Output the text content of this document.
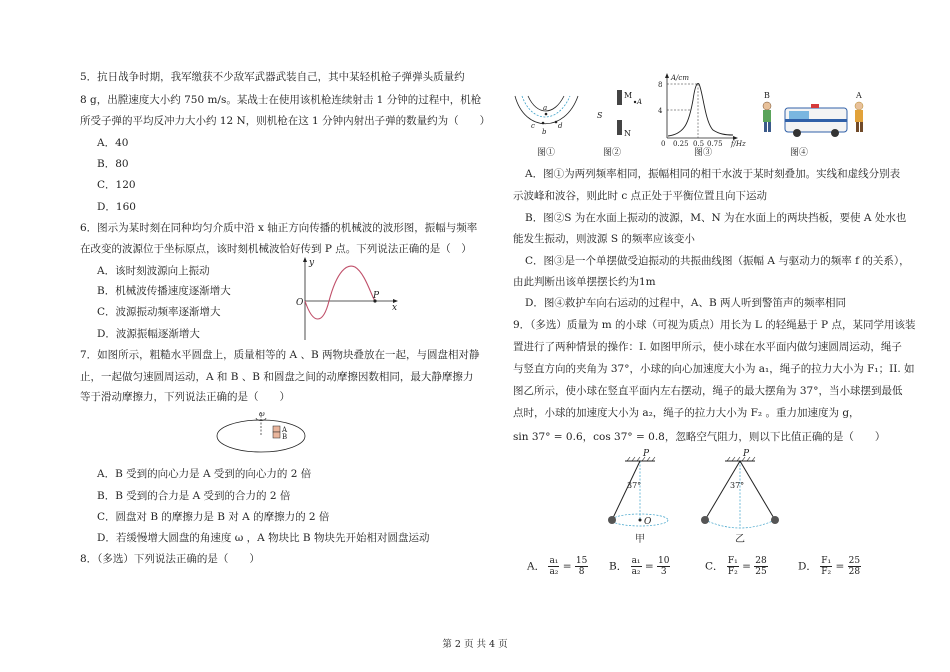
5．抗日战争时期，我军缴获不少敌军武器武装自己，其中某轻机枪子弹弹头质量约
8 g，出膛速度大小约 750 m/s。某战士在使用该机枪连续射击 1 分钟的过程中，机枪
所受子弹的平均反冲力大小约 12 N，则机枪在这 1 分钟内射出子弹的数量约为（　　）
A．40
B．80
C．120
D．160
6．图示为某时刻在同种均匀介质中沿 x 轴正方向传播的机械波的波形图，振幅与频率
在改变的波源位于坐标原点，该时刻机械波恰好传到 P 点。下列说法正确的是（　）
A．该时刻波源向上振动
B．机械波传播速度逐渐增大
C．波源振动频率逐渐增大
D．波源振幅逐渐增大
y
x
O
P
7．如图所示，粗糙水平圆盘上，质量相等的 A 、B 两物块叠放在一起，与圆盘相对静
止，一起做匀速圆周运动，A 和 B 、B 和圆盘之间的动摩擦因数相同，最大静摩擦力
等于滑动摩擦力，下列说法正确的是（　　）
ω
A
B
A．B 受到的向心力是 A 受到的向心力的 2 倍
B．B 受到的合力是 A 受到的合力的 2 倍
C．圆盘对 B 的摩擦力是 B 对 A 的摩擦力的 2 倍
D．若缓慢增大圆盘的角速度 ω ，A 物块比 B 物块先开始相对圆盘运动
8．（多选）下列说法正确的是（　　）
a
b
c	d
图①
S
M
N
A
图②
A/cm
8
4
0 0.25 0.5 0.75 f/Hz
图③
B	A
图④
A．图①为两列频率相同，振幅相同的相干水波于某时刻叠加。实线和虚线分别表
示波峰和波谷，则此时 c 点正处于平衡位置且向下运动
B．图②S 为在水面上振动的波源，M、N 为在水面上的两块挡板，要使 A 处水也
能发生振动，则波源 S 的频率应该变小
C．图③是一个单摆做受迫振动的共振曲线图（振幅 A 与驱动力的频率 f 的关系），
由此判断出该单摆摆长约为1m
D．图④救护车向右运动的过程中，A、B 两人听到警笛声的频率相同
9．（多选）质量为 m 的小球（可视为质点）用长为 L 的轻绳悬于 P 点，某同学用该装
置进行了两种情景的操作：I. 如图甲所示，使小球在水平面内做匀速圆周运动，绳子
与竖直方向的夹角为 37°，小球的向心加速度大小为 a₁，绳子的拉力大小为 F₁；II. 如
图乙所示，使小球在竖直平面内左右摆动，绳子的最大摆角为 37°，当小球摆到最低
点时，小球的加速度大小为 a₂，绳子的拉力大小为 F₂ 。重力加速度为 g，
sin 37° = 0.6，cos 37° = 0.8，忽略空气阻力，则以下比值正确的是（　　）
P
37°
O
甲
P
37°
乙
A． $\frac{\text{a₁}}{\text{a₂}} = \frac{15}{8}$ B． $\frac{\text{a₁}}{\text{a₂}} = \frac{10}{3}$	C． $\frac{\text{F₁}}{\text{F₂}} = \frac{28}{25}$	D． $\frac{\text{F₁}}{\text{F₂}} = \frac{25}{28}$
第 2 页 共 4 页
